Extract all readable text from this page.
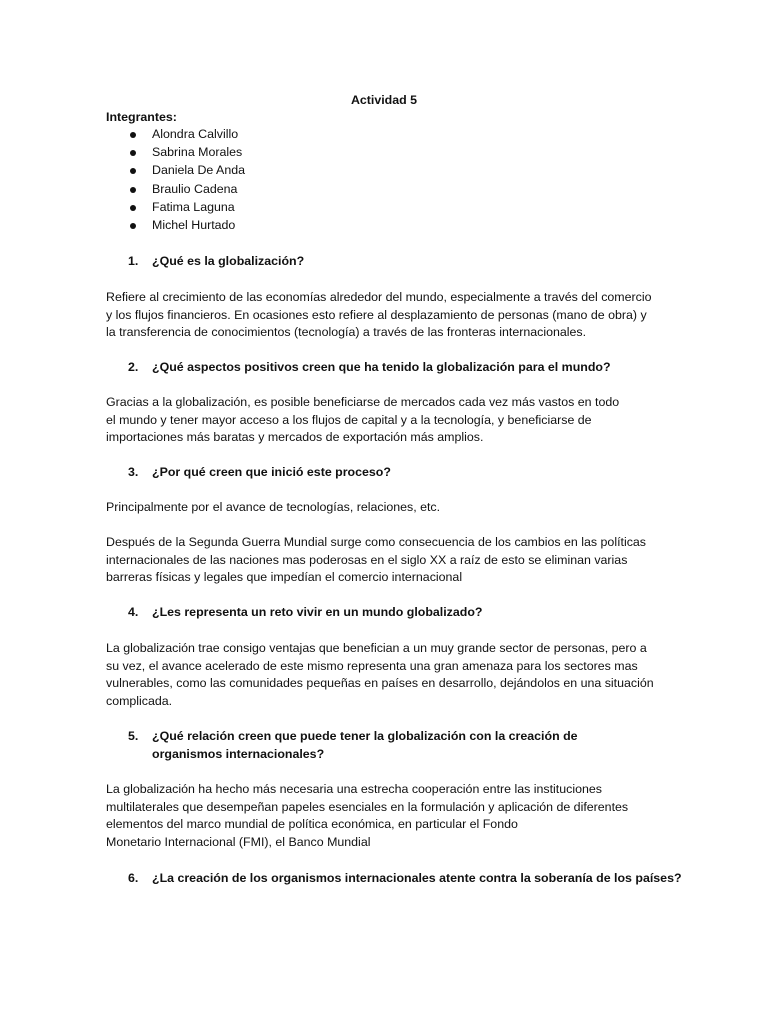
Actividad 5
Integrantes:
Alondra Calvillo
Sabrina Morales
Daniela De Anda
Braulio Cadena
Fatima Laguna
Michel Hurtado
1.	¿Qué es la globalización?
Refiere al crecimiento de las economías alrededor del mundo, especialmente a través del comercio
y los flujos financieros. En ocasiones esto refiere al desplazamiento de personas (mano de obra) y
la transferencia de conocimientos (tecnología) a través de las fronteras internacionales.
2.	¿Qué aspectos positivos creen que ha tenido la globalización para el mundo?
Gracias a la globalización, es posible beneficiarse de mercados cada vez más vastos en todo
el mundo y tener mayor acceso a los flujos de capital y a la tecnología, y beneficiarse de
importaciones más baratas y mercados de exportación más amplios.
3.	¿Por qué creen que inició este proceso?
Principalmente por el avance de tecnologías, relaciones, etc.
Después de la Segunda Guerra Mundial surge como consecuencia de los cambios en las políticas
internacionales de las naciones mas poderosas en el siglo XX a raíz de esto se eliminan varias
barreras físicas y legales que impedían el comercio internacional
4.	¿Les representa un reto vivir en un mundo globalizado?
La globalización trae consigo ventajas que benefician a un muy grande sector de personas, pero a
su vez, el avance acelerado de este mismo representa una gran amenaza para los sectores mas
vulnerables, como las comunidades pequeñas en países en desarrollo, dejándolos en una situación
complicada.
5.	¿Qué relación creen que puede tener la globalización con la creación de organismos internacionales?
La globalización ha hecho más necesaria una estrecha cooperación entre las instituciones
multilaterales que desempeñan papeles esenciales en la formulación y aplicación de diferentes
elementos del marco mundial de política económica, en particular el Fondo
Monetario Internacional (FMI), el Banco Mundial
6.	¿La creación de los organismos internacionales atente contra la soberanía de los países?
